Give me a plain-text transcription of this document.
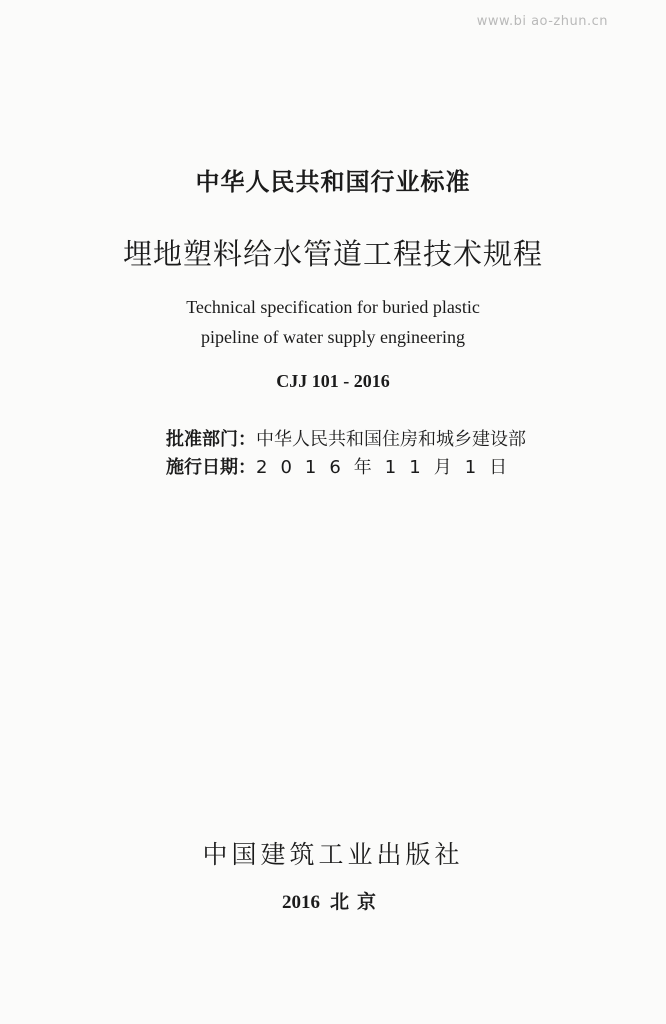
www.bi ao-zhun.cn
中华人民共和国行业标准
埋地塑料给水管道工程技术规程
Technical specification for buried plastic
pipeline of water supply engineering
CJJ 101 - 2016
批准部门：中华人民共和国住房和城乡建设部
施行日期：2016年11月1日
中国建筑工业出版社
2016 北京
